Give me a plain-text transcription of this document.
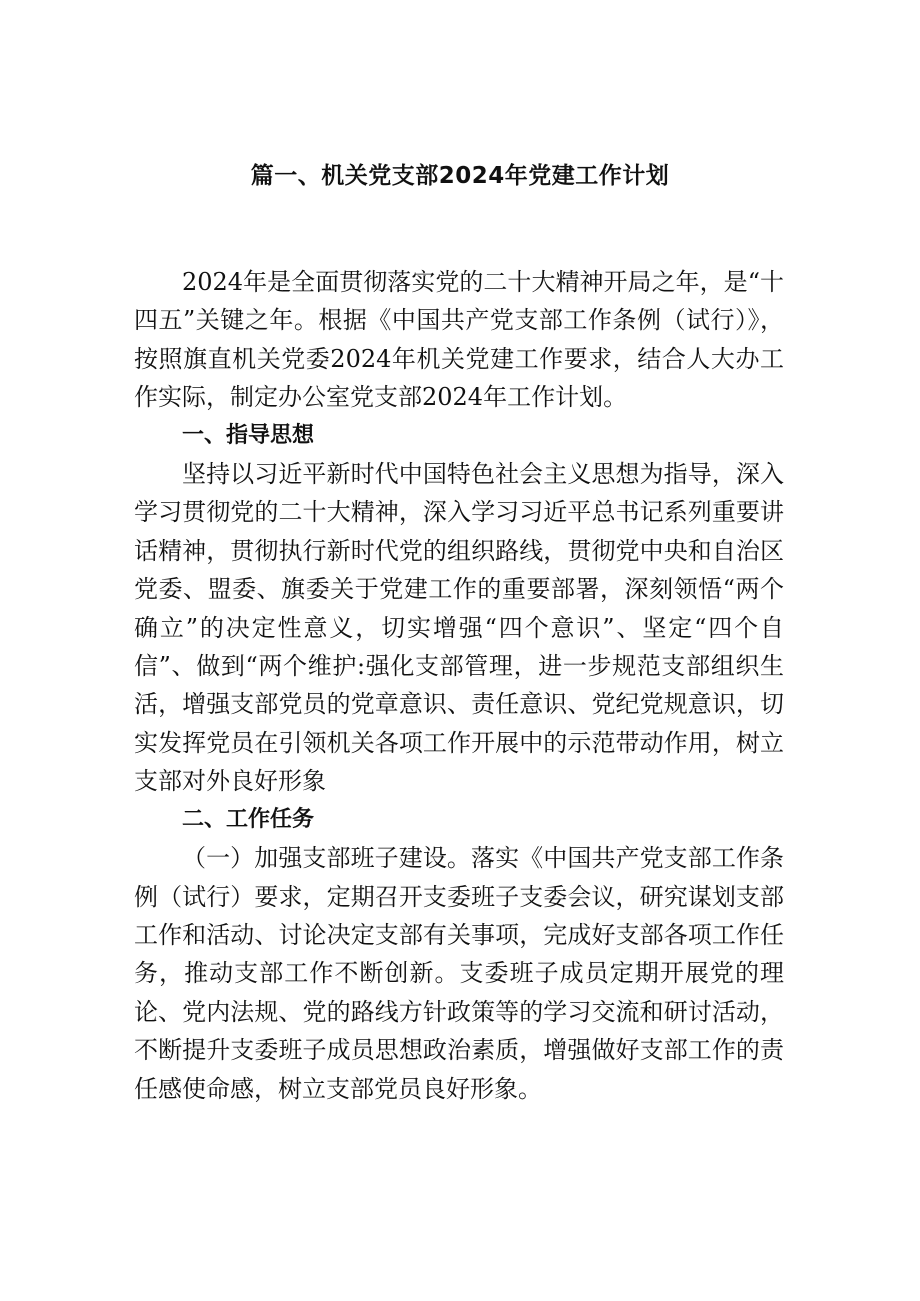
篇一、机关党支部2024年党建工作计划

2024年是全面贯彻落实党的二十大精神开局之年，是“十四五”关键之年。根据《中国共产党支部工作条例（试行）》，按照旗直机关党委2024年机关党建工作要求，结合人大办工作实际，制定办公室党支部2024年工作计划。

一、指导思想

坚持以习近平新时代中国特色社会主义思想为指导，深入学习贯彻党的二十大精神，深入学习习近平总书记系列重要讲话精神，贯彻执行新时代党的组织路线，贯彻党中央和自治区党委、盟委、旗委关于党建工作的重要部署，深刻领悟“两个确立”的决定性意义，切实增强“四个意识”、坚定“四个自信”、做到“两个维护:强化支部管理，进一步规范支部组织生活，增强支部党员的党章意识、责任意识、党纪党规意识，切实发挥党员在引领机关各项工作开展中的示范带动作用，树立支部对外良好形象

二、工作任务

（一）加强支部班子建设。落实《中国共产党支部工作条例（试行）要求，定期召开支委班子支委会议，研究谋划支部工作和活动、讨论决定支部有关事项，完成好支部各项工作任务，推动支部工作不断创新。支委班子成员定期开展党的理论、党内法规、党的路线方针政策等的学习交流和研讨活动，不断提升支委班子成员思想政治素质，增强做好支部工作的责任感使命感，树立支部党员良好形象。
